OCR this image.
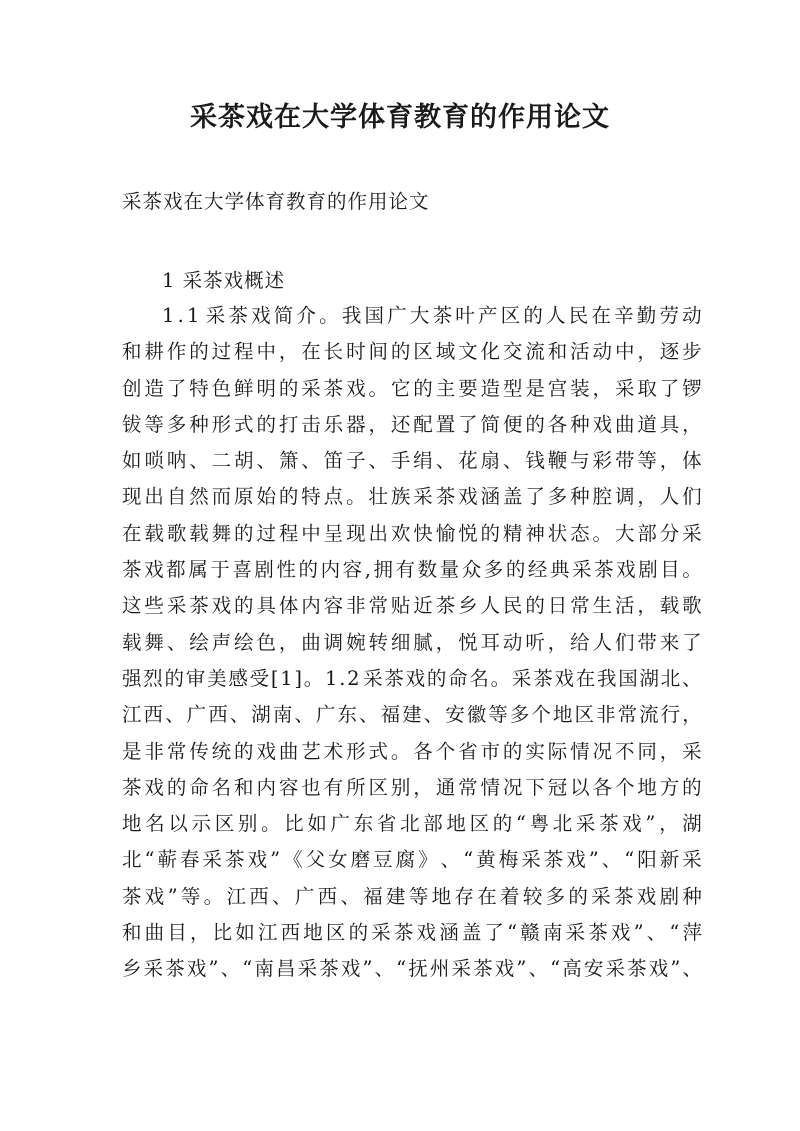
采茶戏在大学体育教育的作用论文
采茶戏在大学体育教育的作用论文
1 采茶戏概述
1 . 1 采 茶 戏 简 介 。 我 国 广 大 茶 叶 产 区 的 人 民 在 辛 勤 劳 动
和 耕 作 的 过 程 中 ， 在 长 时 间 的 区 域 文 化 交 流 和 活 动 中 ， 逐 步
创 造 了 特 色 鲜 明 的 采 茶 戏 。 它 的 主 要 造 型 是 宫 装 ， 采 取 了 锣
钹 等 多 种 形 式 的 打 击 乐 器 ， 还 配 置 了 简 便 的 各 种 戏 曲 道 具 ，
如 唢 呐 、 二 胡 、 箫 、 笛 子 、 手 绢 、 花 扇 、 钱 鞭 与 彩 带 等 ， 体
现 出 自 然 而 原 始 的 特 点 。 壮 族 采 茶 戏 涵 盖 了 多 种 腔 调 ， 人 们
在 载 歌 载 舞 的 过 程 中 呈 现 出 欢 快 愉 悦 的 精 神 状 态 。 大 部 分 采
茶 戏 都 属 于 喜 剧 性 的 内 容 , 拥 有 数 量 众 多 的 经 典 采 茶 戏 剧 目 。
这 些 采 茶 戏 的 具 体 内 容 非 常 贴 近 茶 乡 人 民 的 日 常 生 活 ， 载 歌
载 舞 、 绘 声 绘 色 ， 曲 调 婉 转 细 腻 ， 悦 耳 动 听 ， 给 人 们 带 来 了
强 烈 的 审 美 感 受 [ 1 ] 。 1 . 2 采 茶 戏 的 命 名 。 采 茶 戏 在 我 国 湖 北 、
江 西 、 广 西 、 湖 南 、 广 东 、 福 建 、 安 徽 等 多 个 地 区 非 常 流 行 ，
是 非 常 传 统 的 戏 曲 艺 术 形 式 。 各 个 省 市 的 实 际 情 况 不 同 ， 采
茶 戏 的 命 名 和 内 容 也 有 所 区 别 ， 通 常 情 况 下 冠 以 各 个 地 方 的
地 名 以 示 区 别 。 比 如 广 东 省 北 部 地 区 的 “ 粤 北 采 茶 戏 ” ， 湖
北 “ 蕲 春 采 茶 戏 ” 《 父 女 磨 豆 腐 》 、 “ 黄 梅 采 茶 戏 ” 、 “ 阳 新 采
茶 戏 ” 等 。 江 西 、 广 西 、 福 建 等 地 存 在 着 较 多 的 采 茶 戏 剧 种
和 曲 目 ， 比 如 江 西 地 区 的 采 茶 戏 涵 盖 了 “ 赣 南 采 茶 戏 ” 、 “ 萍
乡 采 茶 戏 ” 、 “ 南 昌 采 茶 戏 ” 、 “ 抚 州 采 茶 戏 ” 、 “ 高 安 采 茶 戏 ” 、
